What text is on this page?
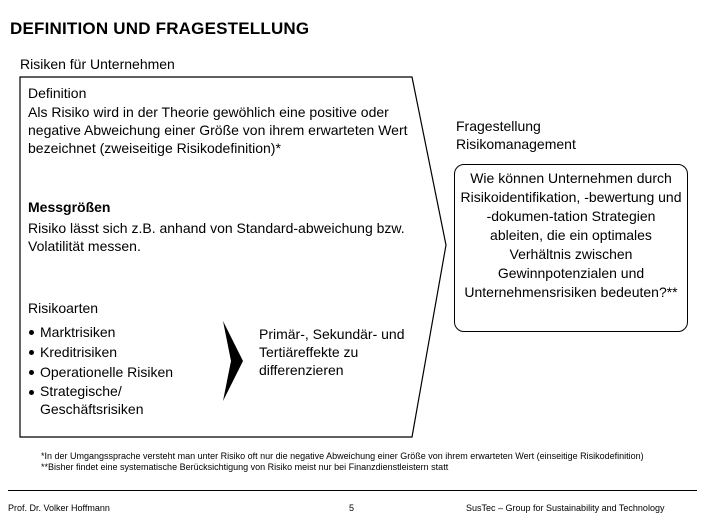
DEFINITION UND FRAGESTELLUNG
Risiken für Unternehmen
Definition
Als Risiko wird in der Theorie gewöhlich eine positive oder negative Abweichung einer Größe von ihrem erwarteten Wert bezeichnet (zweiseitige Risikodefinition)*
Messgrößen
Risiko lässt sich z.B. anhand von Standard-abweichung bzw. Volatilität messen.
Risikoarten
Marktrisiken
Kreditrisiken
Operationelle Risiken
Strategische/ Geschäftsrisiken
Primär-, Sekundär- und Tertiäreffekte zu differenzieren
Fragestellung Risikomanagement
Wie können Unternehmen durch Risikoidentifikation, -bewertung und -dokumen-tation Strategien ableiten, die ein optimales Verhältnis zwischen Gewinnpotenzialen und Unternehmensrisiken bedeuten?**
*In der Umgangssprache versteht man unter Risiko oft nur die negative Abweichung einer Größe von ihrem erwarteten Wert (einseitige Risikodefinition)
**Bisher findet eine systematische Berücksichtigung von Risiko meist nur bei Finanzdienstleistern statt
Prof. Dr. Volker Hoffmann	5	SusTec – Group for Sustainability and Technology
